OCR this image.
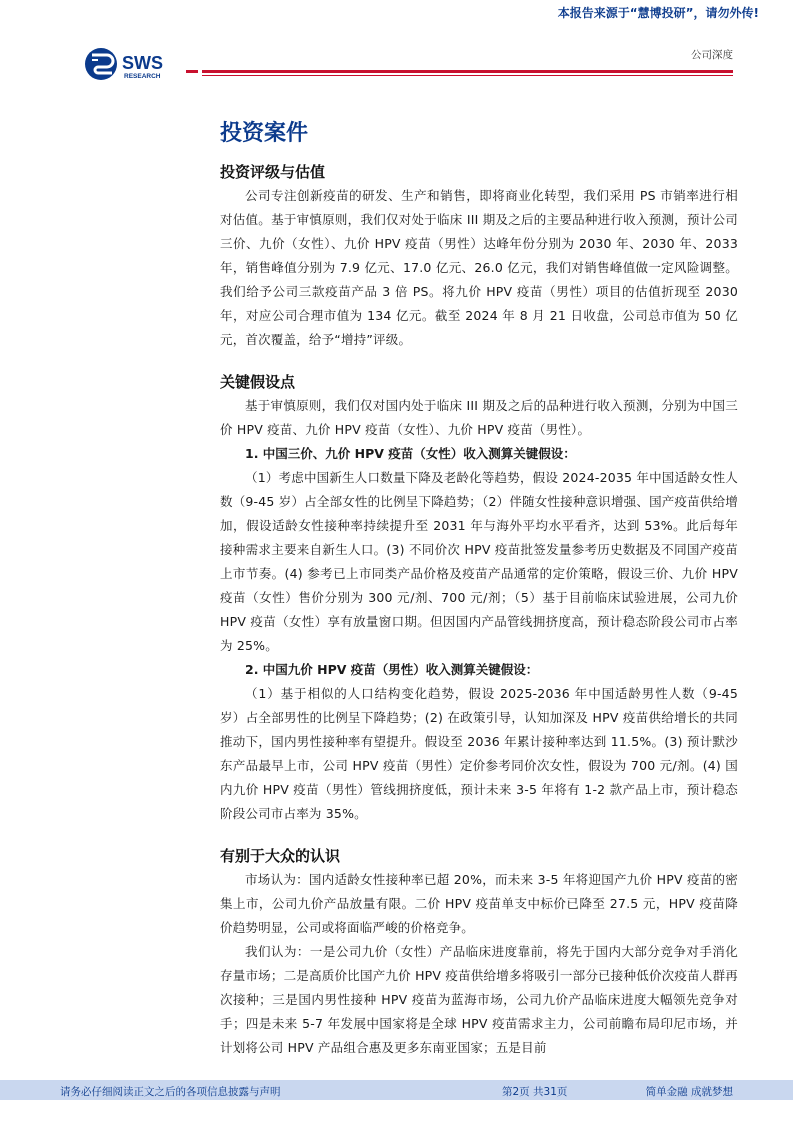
本报告来源于“慧博投研”，请勿外传!
SWS
RESEARCH
公司深度
投资案件
投资评级与估值

公司专注创新疫苗的研发、生产和销售，即将商业化转型，我们采用 PS 市销率进行相对估值。基于审慎原则，我们仅对处于临床 III 期及之后的主要品种进行收入预测，预计公司三价、九价（女性）、九价 HPV 疫苗（男性）达峰年份分别为 2030 年、2030 年、2033 年，销售峰值分别为 7.9 亿元、17.0 亿元、26.0 亿元，我们对销售峰值做一定风险调整。我们给予公司三款疫苗产品 3 倍 PS。将九价 HPV 疫苗（男性）项目的估值折现至 2030 年，对应公司合理市值为 134 亿元。截至 2024 年 8 月 21 日收盘，公司总市值为 50 亿元，首次覆盖，给予“增持”评级。

关键假设点

基于审慎原则，我们仅对国内处于临床 III 期及之后的品种进行收入预测，分别为中国三价 HPV 疫苗、九价 HPV 疫苗（女性）、九价 HPV 疫苗（男性）。

1. 中国三价、九价 HPV 疫苗（女性）收入测算关键假设：

（1）考虑中国新生人口数量下降及老龄化等趋势，假设 2024-2035 年中国适龄女性人数（9-45 岁）占全部女性的比例呈下降趋势；（2）伴随女性接种意识增强、国产疫苗供给增加，假设适龄女性接种率持续提升至 2031 年与海外平均水平看齐，达到 53%。此后每年接种需求主要来自新生人口。(3) 不同价次 HPV 疫苗批签发量参考历史数据及不同国产疫苗上市节奏。(4) 参考已上市同类产品价格及疫苗产品通常的定价策略，假设三价、九价 HPV 疫苗（女性）售价分别为 300 元/剂、700 元/剂；（5）基于目前临床试验进展，公司九价 HPV 疫苗（女性）享有放量窗口期。但因国内产品管线拥挤度高，预计稳态阶段公司市占率为 25%。

2. 中国九价 HPV 疫苗（男性）收入测算关键假设：

（1）基于相似的人口结构变化趋势，假设 2025-2036 年中国适龄男性人数（9-45 岁）占全部男性的比例呈下降趋势；(2) 在政策引导，认知加深及 HPV 疫苗供给增长的共同推动下，国内男性接种率有望提升。假设至 2036 年累计接种率达到 11.5%。(3) 预计默沙东产品最早上市，公司 HPV 疫苗（男性）定价参考同价次女性，假设为 700 元/剂。(4) 国内九价 HPV 疫苗（男性）管线拥挤度低，预计未来 3-5 年将有 1-2 款产品上市，预计稳态阶段公司市占率为 35%。

有别于大众的认识

市场认为：国内适龄女性接种率已超 20%，而未来 3-5 年将迎国产九价 HPV 疫苗的密集上市，公司九价产品放量有限。二价 HPV 疫苗单支中标价已降至 27.5 元，HPV 疫苗降价趋势明显，公司或将面临严峻的价格竞争。

我们认为：一是公司九价（女性）产品临床进度靠前，将先于国内大部分竞争对手消化存量市场；二是高质价比国产九价 HPV 疫苗供给增多将吸引一部分已接种低价次疫苗人群再次接种；三是国内男性接种 HPV 疫苗为蓝海市场，公司九价产品临床进度大幅领先竞争对手；四是未来 5-7 年发展中国家将是全球 HPV 疫苗需求主力，公司前瞻布局印尼市场，并计划将公司 HPV 产品组合惠及更多东南亚国家；五是目前

请务必仔细阅读正文之后的各项信息披露与声明	第2页 共31页	简单金融 成就梦想
